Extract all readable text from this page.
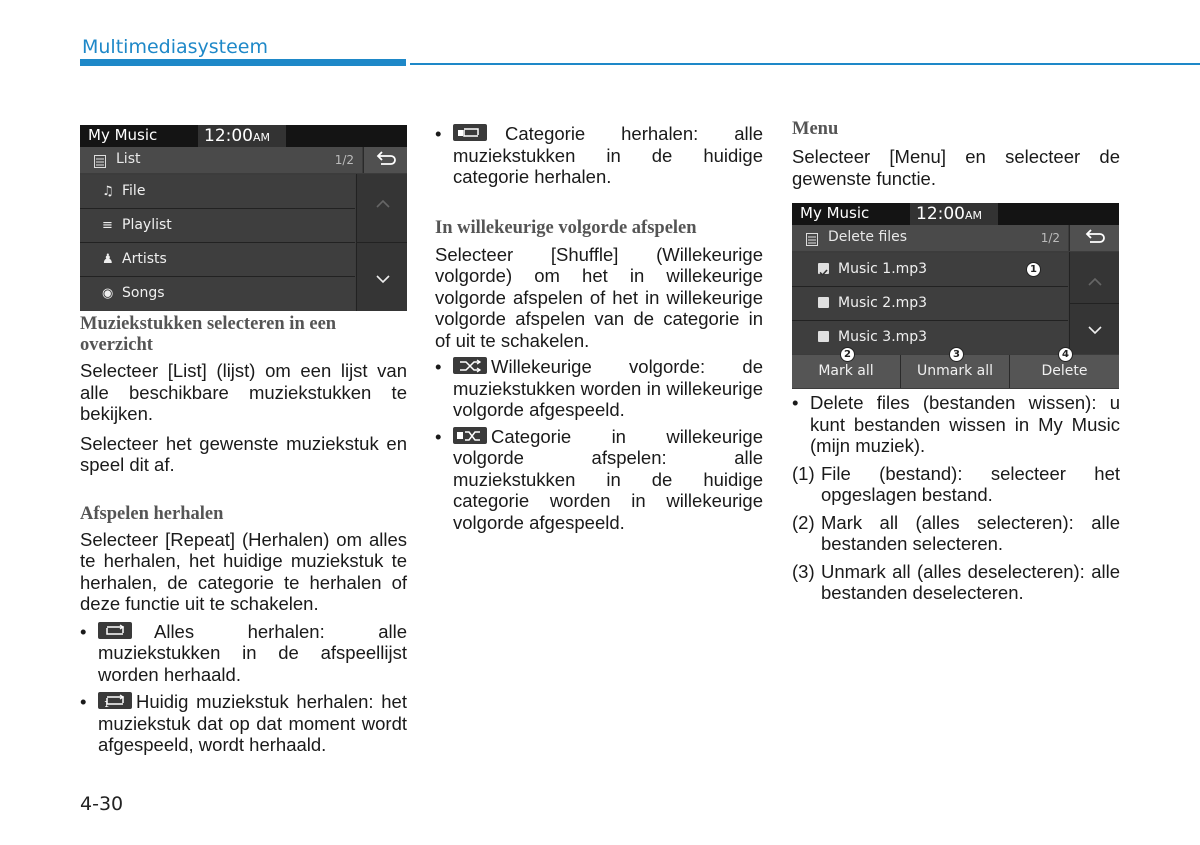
Multimediasysteem
My Music	12:00AM
List	1/2
♫ File
≡ Playlist
♟ Artists
◉ Songs

Muziekstukken selecteren in een overzicht

Selecteer [List] (lijst) om een lijst van alle beschikbare muziekstukken te bekijken.

Selecteer het gewenste muziekstuk en speel dit af.

Afspelen herhalen

Selecteer [Repeat] (Herhalen) om alles te herhalen, het huidige muziekstuk te herhalen, de categorie te herhalen of deze functie uit te schakelen.

•	Alles herhalen: alle muziekstukken in de afspeellijst worden herhaald.

• 1 Huidig muziekstuk herhalen: het muziekstuk dat op dat moment wordt afgespeeld, wordt herhaald.

4-30

•	Categorie herhalen: alle muziekstukken in de huidige categorie herhalen.

In willekeurige volgorde afspelen

Selecteer [Shuffle] (Willekeurige volgorde) om het in willekeurige volgorde afspelen of het in willekeurige volgorde afspelen van de categorie in of uit te schakelen.

•	Willekeurige volgorde: de muziekstukken worden in willekeurige volgorde afgespeeld.

•	Categorie in willekeurige volgorde afspelen: alle muziekstukken in de huidige categorie worden in willekeurige volgorde afgespeeld.

Menu

Selecteer [Menu] en selecteer de gewenste functie.

My Music	12:00AM
Delete files	1/2
Music 1.mp3	1
Music 2.mp3
Music 3.mp3
Mark all	Unmark all	Delete
2	3	4

• Delete files (bestanden wissen): u kunt bestanden wissen in My Music (mijn muziek).

(1) File (bestand): selecteer het opgeslagen bestand.

(2) Mark all (alles selecteren): alle bestanden selecteren.

(3) Unmark all (alles deselecteren): alle bestanden deselecteren.
